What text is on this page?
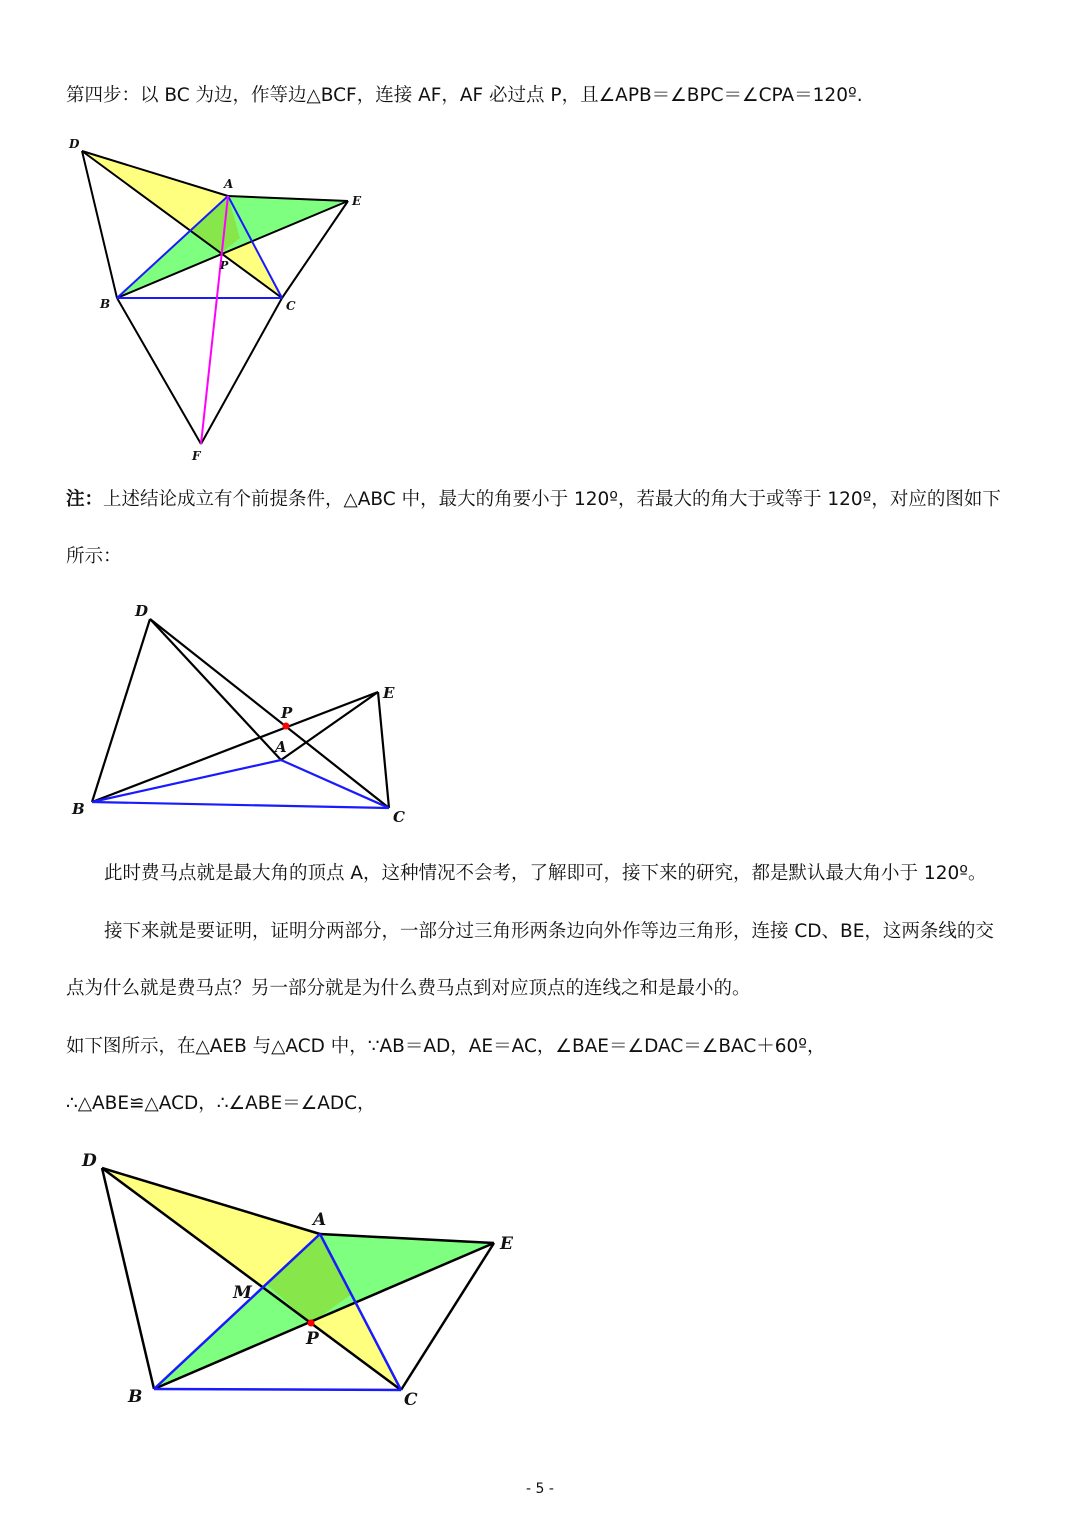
第四步：以 BC 为边，作等边△BCF，连接 AF，AF 必过点 P，且∠APB＝∠BPC＝∠CPA＝120º.
D
A
E
P
B	C
F
注：上述结论成立有个前提条件，△ABC 中，最大的角要小于 120º，若最大的角大于或等于 120º，对应的图如下
所示：
D
P
E
A
B	C
此时费马点就是最大角的顶点 A，这种情况不会考，了解即可，接下来的研究，都是默认最大角小于 120º。
接下来就是要证明，证明分两部分，一部分过三角形两条边向外作等边三角形，连接 CD、BE，这两条线的交
点为什么就是费马点？另一部分就是为什么费马点到对应顶点的连线之和是最小的。
如下图所示，在△AEB 与△ACD 中，∵AB＝AD，AE＝AC，∠BAE＝∠DAC＝∠BAC＋60º，
∴△ABE≌△ACD，∴∠ABE＝∠ADC，
D
A
E
M
P
B	C
- 5 -
